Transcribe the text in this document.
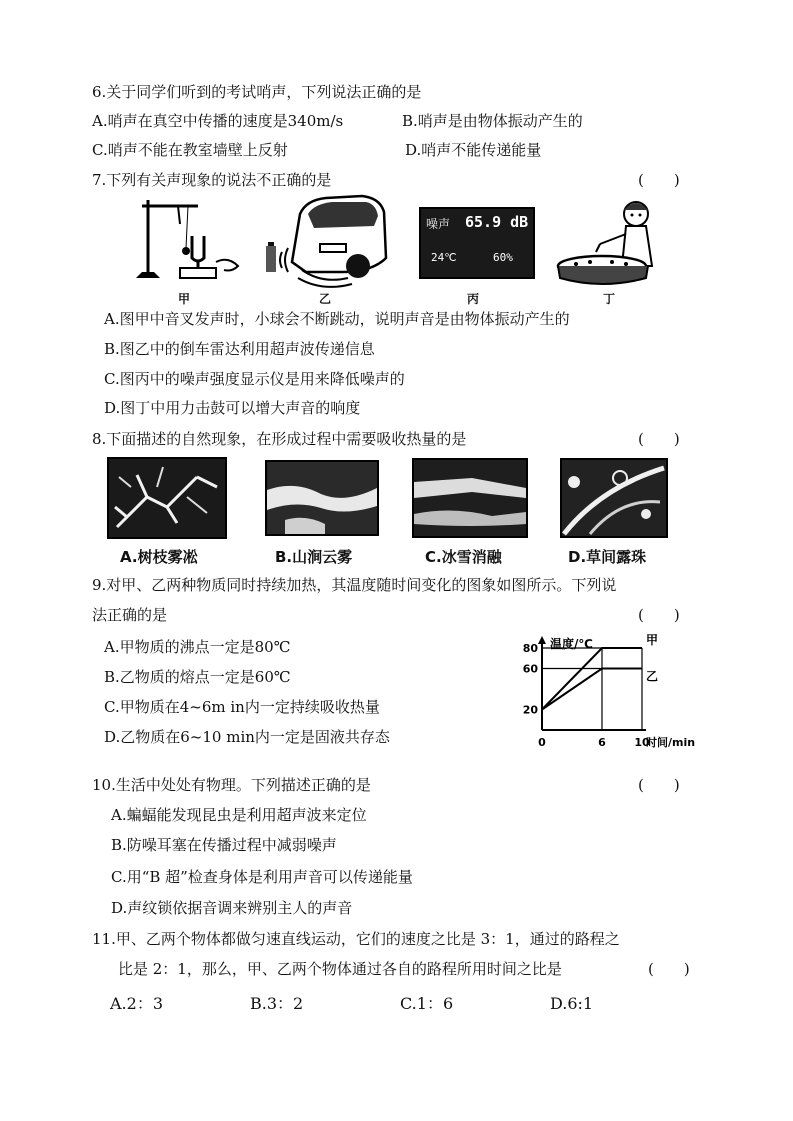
6.关于同学们听到的考试哨声，下列说法正确的是
A.哨声在真空中传播的速度是340m/s	B.哨声是由物体振动产生的
C.哨声不能在教室墙壁上反射	D.哨声不能传递能量
7.下列有关声现象的说法不正确的是	(　　)
甲	乙
噪声 65.9 dB
24℃	60%
丙	丁
A.图甲中音叉发声时，小球会不断跳动，说明声音是由物体振动产生的
B.图乙中的倒车雷达利用超声波传递信息
C.图丙中的噪声强度显示仪是用来降低噪声的
D.图丁中用力击鼓可以增大声音的响度
8.下面描述的自然现象，在形成过程中需要吸收热量的是	(　　)
A.树枝雾凇	B.山涧云雾	C.冰雪消融	D.草间露珠
9.对甲、乙两种物质同时持续加热，其温度随时间变化的图象如图所示。下列说
法正确的是	(　　)
A.甲物质的沸点一定是80℃
B.乙物质的熔点一定是60℃
C.甲物质在4~6m in内一定持续吸收热量
D.乙物质在6~10 min内一定是固液共存态
温度/℃
时间/min
20
60
80
0	6	10
甲
乙
10.生活中处处有物理。下列描述正确的是	(　　)
A.蝙蝠能发现昆虫是利用超声波来定位
B.防噪耳塞在传播过程中减弱噪声
C.用“B 超”检查身体是利用声音可以传递能量
D.声纹锁依据音调来辨别主人的声音
11.甲、乙两个物体都做匀速直线运动，它们的速度之比是 3：1，通过的路程之
比是 2：1，那么，甲、乙两个物体通过各自的路程所用时间之比是	(　　)
A.2：3	B.3：2	C.1：6	D.6:1
